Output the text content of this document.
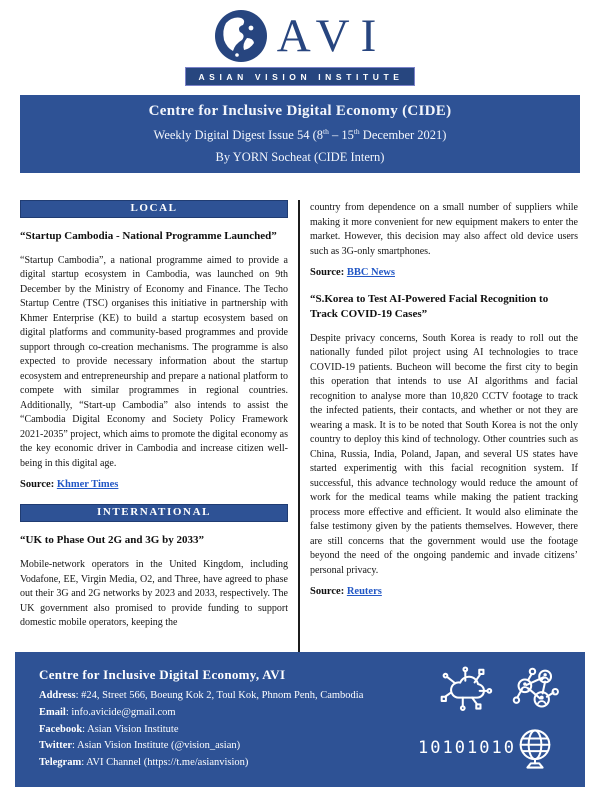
AVI
ASIAN VISION INSTITUTE
Centre for Inclusive Digital Economy (CIDE)
Weekly Digital Digest Issue 54 (8th – 15th December 2021)
By YORN Socheat (CIDE Intern)
LOCAL
“Startup Cambodia - National Programme Launched”

“Startup Cambodia”, a national programme aimed to provide a digital startup ecosystem in Cambodia, was launched on 9th December by the Ministry of Economy and Finance. The Techo Startup Centre (TSC) organises this initiative in partnership with Khmer Enterprise (KE) to build a startup ecosystem based on digital platforms and community-based programmes and provide support through co-creation mechanisms. The programme is also expected to provide necessary information about the startup ecosystem and entrepreneurship and prepare a national platform to compete with similar programmes in regional countries. Additionally, “Start-up Cambodia” also intends to assist the “Cambodia Digital Economy and Society Policy Framework 2021-2035” project, which aims to promote the digital economy as the key economic driver in Cambodia and increase citizen well-being in this digital age.

Source: Khmer Times

INTERNATIONAL
“UK to Phase Out 2G and 3G by 2033”

Mobile-network operators in the United Kingdom, including Vodafone, EE, Virgin Media, O2, and Three, have agreed to phase out their 3G and 2G networks by 2023 and 2033, respectively. The UK government also promised to provide funding to support domestic mobile operators, keeping the

country from dependence on a small number of suppliers while making it more convenient for new equipment makers to enter the market. However, this decision may also affect old device users such as 3G-only smartphones.

Source: BBC News

“S.Korea to Test AI-Powered Facial Recognition to Track COVID-19 Cases”

Despite privacy concerns, South Korea is ready to roll out the nationally funded pilot project using AI technologies to trace COVID-19 patients. Bucheon will become the first city to begin this operation that intends to use AI algorithms and facial recognition to analyse more than 10,820 CCTV footage to track the infected patients, their contacts, and whether or not they are wearing a mask. It is to be noted that South Korea is not the only country to deploy this kind of technology. Other countries such as China, Russia, India, Poland, Japan, and several US states have started experimentig with this facial recognition system. If successful, this advance technology would reduce the amount of work for the medical teams while making the patient tracking process more effective and efficient. It would also eliminate the false testimony given by the patients themselves. However, there are still concerns that the government would use the footage beyond the need of the ongoing pandemic and invade citizens’ personal privacy.

Source: Reuters

Centre for Inclusive Digital Economy, AVI
Address: #24, Street 566, Boeung Kok 2, Toul Kok, Phnom Penh, Cambodia
Email: info.avicide@gmail.com
Facebook: Asian Vision Institute
Twitter: Asian Vision Institute (@vision_asian)
Telegram: AVI Channel (https://t.me/asianvision)
1010 1010
